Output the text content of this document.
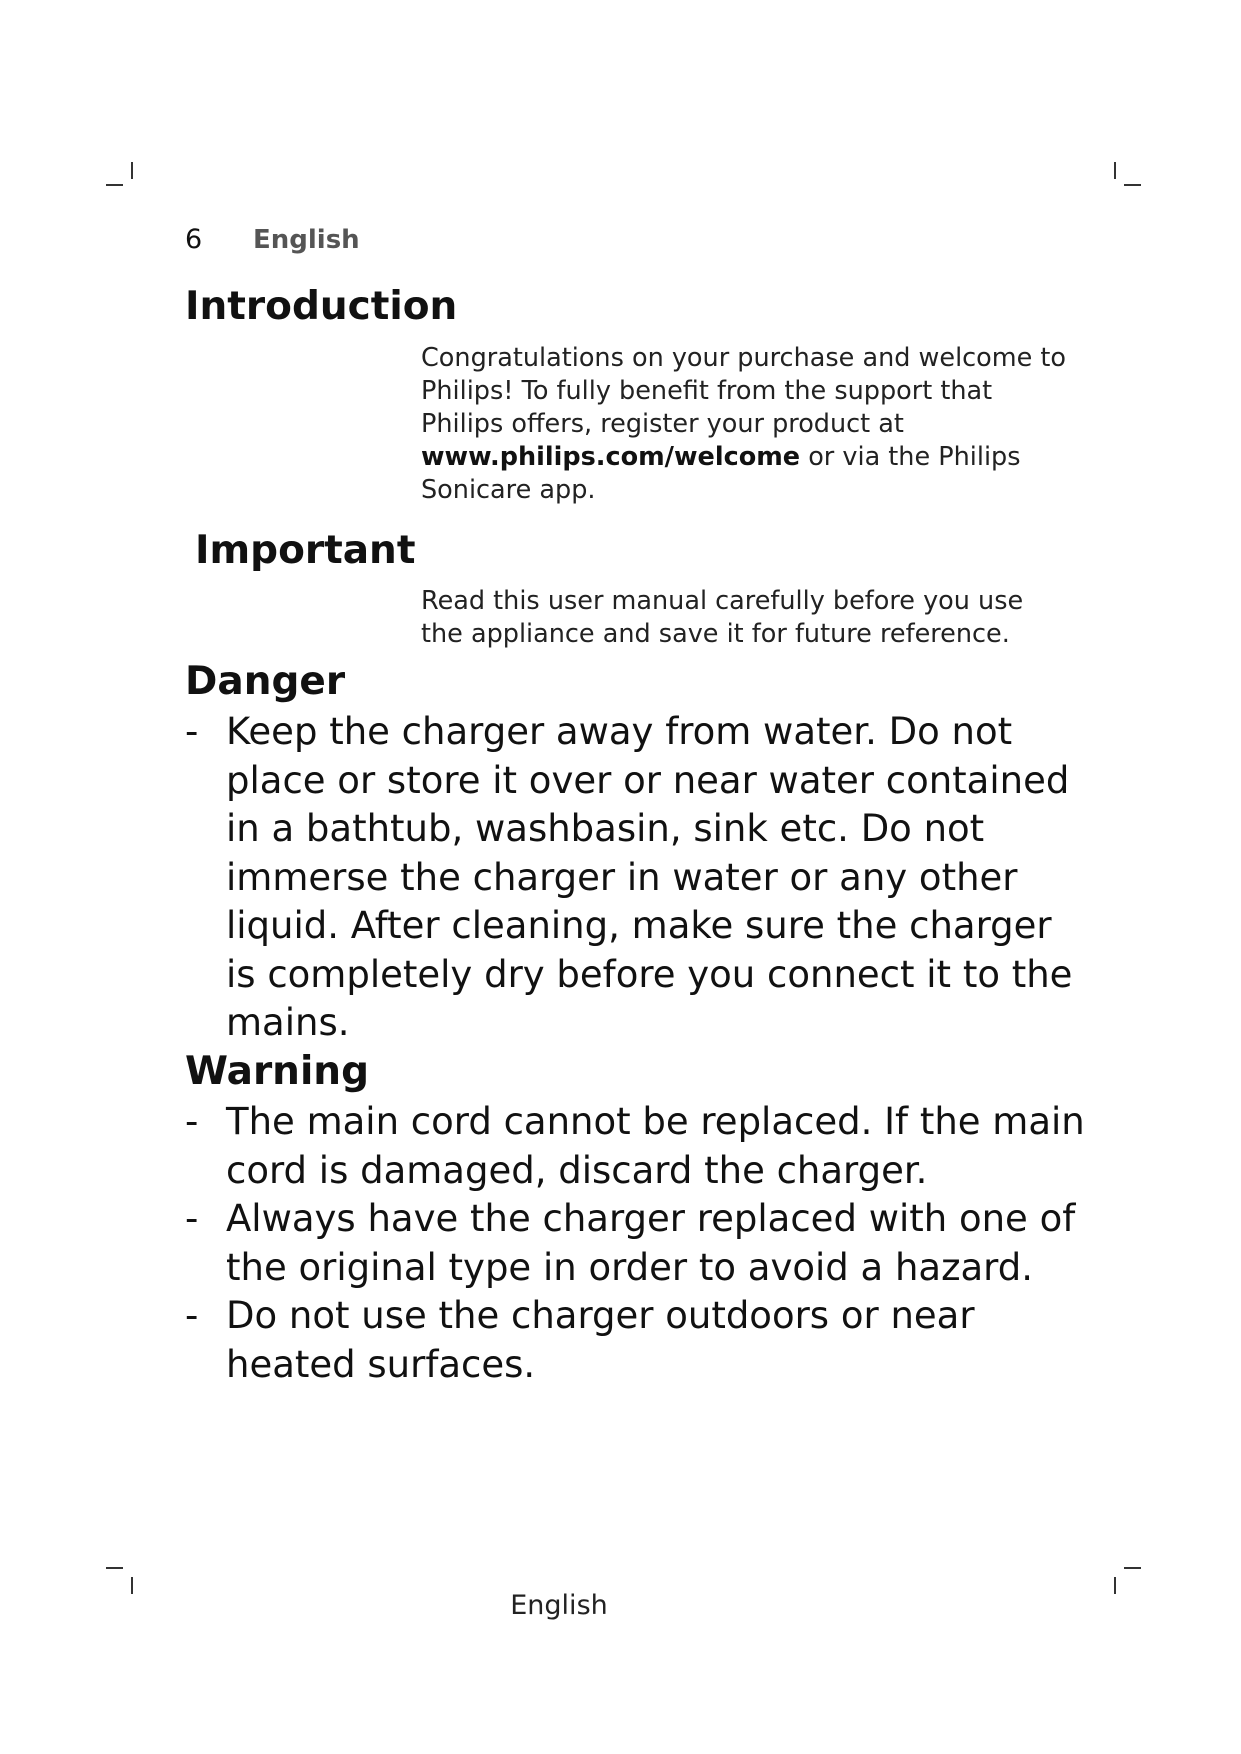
6	English
Introduction

Congratulations on your purchase and welcome to Philips! To fully benefit from the support that Philips offers, register your product at www.philips.com/welcome or via the Philips Sonicare app.

Important

Read this user manual carefully before you use the appliance and save it for future reference.

Danger
- Keep the charger away from water. Do not place or store it over or near water contained in a bathtub, washbasin, sink etc. Do not immerse the charger in water or any other liquid. After cleaning, make sure the charger is completely dry before you connect it to the mains.
Warning
- The main cord cannot be replaced. If the main cord is damaged, discard the charger.
- Always have the charger replaced with one of the original type in order to avoid a hazard.
- Do not use the charger outdoors or near heated surfaces.
English
